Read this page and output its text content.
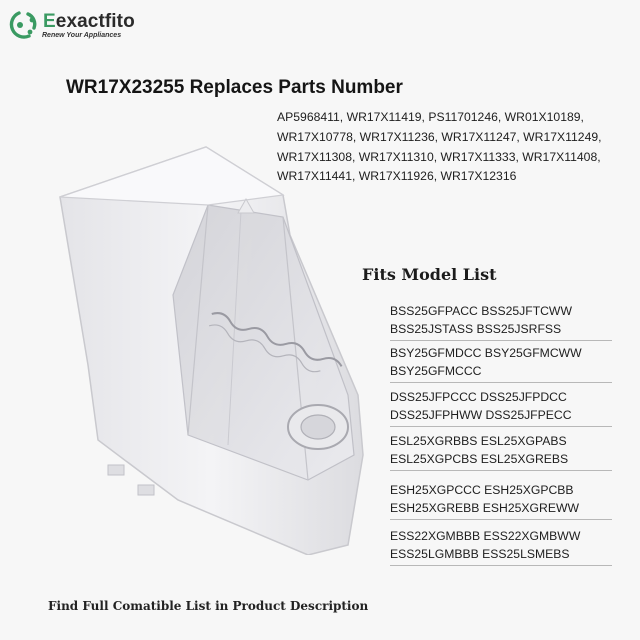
Eexactfito
Renew Your Appliances
WR17X23255 Replaces Parts Number
AP5968411, WR17X11419, PS11701246, WR01X10189,
WR17X10778, WR17X11236, WR17X11247, WR17X11249,
WR17X11308, WR17X11310, WR17X11333, WR17X11408,
WR17X11441, WR17X11926, WR17X12316
Fits Model List
BSS25GFPACC BSS25JFTCWW
BSS25JSTASS BSS25JSRFSS
BSY25GFMDCC BSY25GFMCWW
BSY25GFMCCC
DSS25JFPCCC DSS25JFPDCC
DSS25JFPHWW DSS25JFPECC
ESL25XGRBBS ESL25XGPABS
ESL25XGPCBS ESL25XGREBS
ESH25XGPCCC ESH25XGPCBB
ESH25XGREBB ESH25XGREWW
ESS22XGMBBB ESS22XGMBWW
ESS25LGMBBB ESS25LSMEBS

Find Full Comatible List in Product Description
